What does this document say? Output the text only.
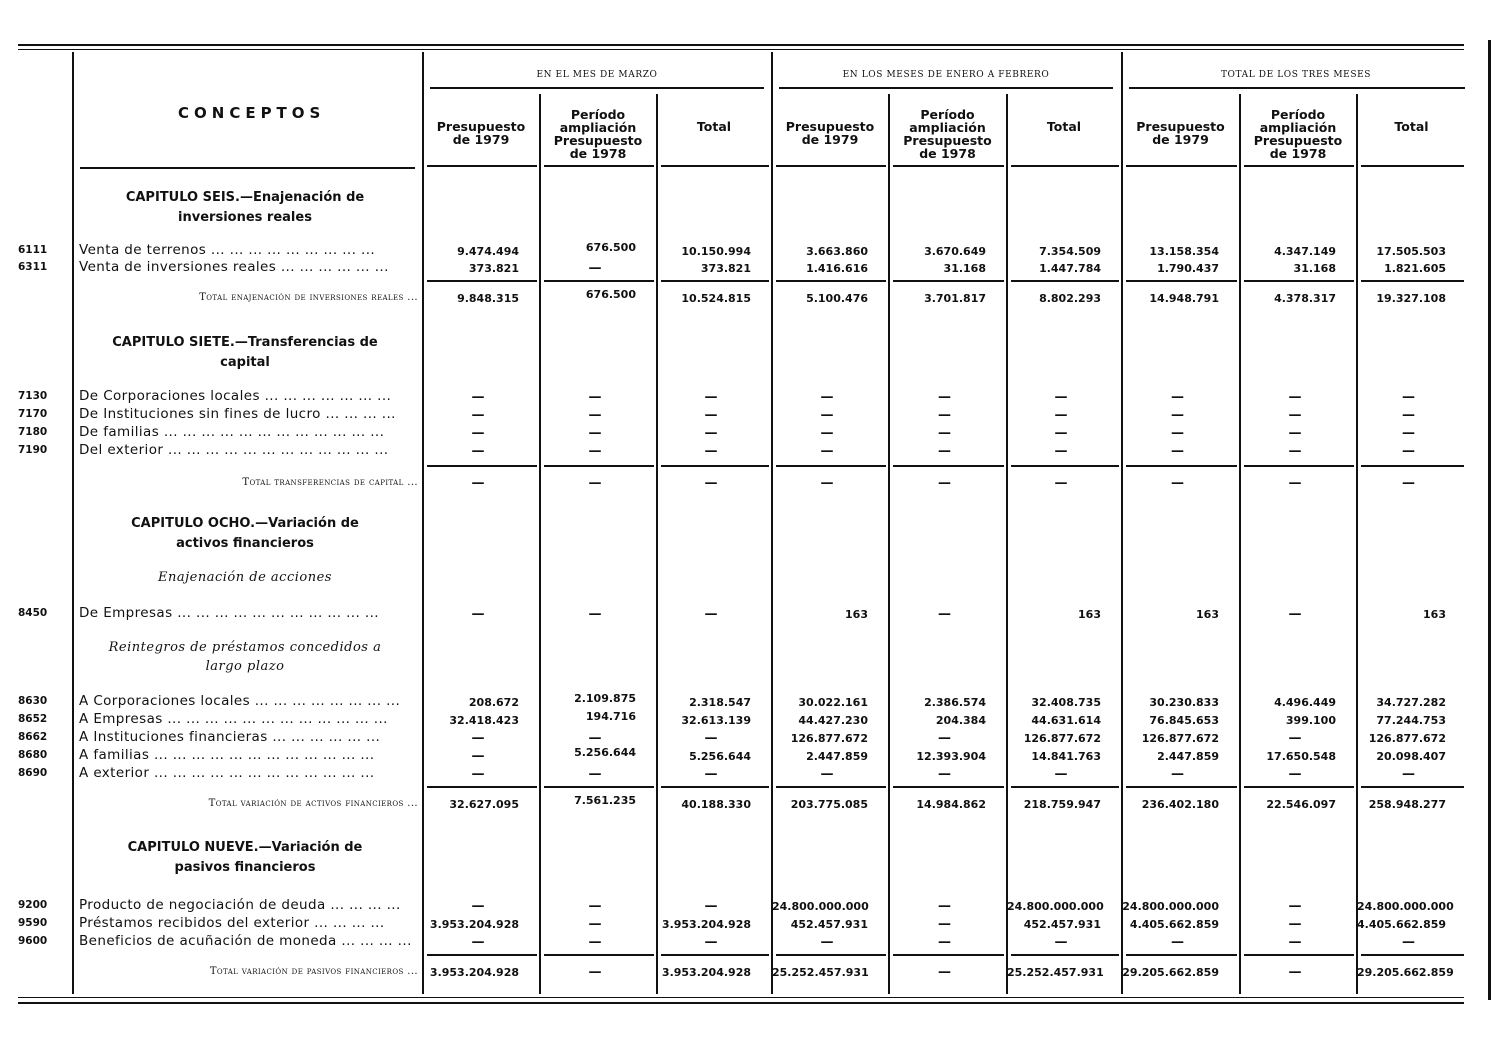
CONCEPTOS
EN EL MES DE MARZO	EN LOS MESES DE ENERO A FEBRERO	TOTAL DE LOS TRES MESES
Presupuesto
de 1979
Período
ampliación
Presupuesto
de 1978
Total	Presupuesto
de 1979
Período
ampliación
Presupuesto
de 1978
Total	Presupuesto
de 1979
Período
ampliación
Presupuesto
de 1978
Total
6111	Venta de terrenos ... ... ... ... ... ... ... ... ...	9.474.494	676.500	10.150.994	3.663.860	3.670.649	7.354.509	13.158.354	4.347.149	17.505.503
6311	Venta de inversiones reales ... ... ... ... ... ...	373.821	—	373.821	1.416.616	31.168	1.447.784	1.790.437	31.168	1.821.605
Total enajenación de inversiones reales ...	9.848.315	676.500	10.524.815	5.100.476	3.701.817	8.802.293	14.948.791	4.378.317	19.327.108
7130	De Corporaciones locales ... ... ... ... ... ... ...	—	—	—	—	—	—	—	—	—
7170	De Instituciones sin fines de lucro ... ... ... ...	—	—	—	—	—	—	—	—	—
7180	De familias ... ... ... ... ... ... ... ... ... ... ... ...	—	—	—	—	—	—	—	—	—
7190	Del exterior ... ... ... ... ... ... ... ... ... ... ... ...	—	—	—	—	—	—	—	—	—
Total transferencias de capital ...	—	—	—	—	—	—	—	—	—
8450	De Empresas ... ... ... ... ... ... ... ... ... ... ...	—	—	—	163	—	163	163	—	163
8630	A Corporaciones locales ... ... ... ... ... ... ... ...	208.672	2.109.875	2.318.547	30.022.161	2.386.574	32.408.735	30.230.833	4.496.449	34.727.282
8652	A Empresas ... ... ... ... ... ... ... ... ... ... ... ...	32.418.423	194.716	32.613.139	44.427.230	204.384	44.631.614	76.845.653	399.100	77.244.753
8662	A Instituciones financieras ... ... ... ... ... ...	—	—	—	126.877.672	—	126.877.672	126.877.672	—	126.877.672
8680	A familias ... ... ... ... ... ... ... ... ... ... ... ...	—	5.256.644	5.256.644	2.447.859	12.393.904	14.841.763	2.447.859	17.650.548	20.098.407
8690	A exterior ... ... ... ... ... ... ... ... ... ... ... ...	—	—	—	—	—	—	—	—	—
Total variación de activos financieros ...	32.627.095	7.561.235	40.188.330	203.775.085	14.984.862	218.759.947	236.402.180	22.546.097	258.948.277
9200	Producto de negociación de deuda ... ... ... ...	—	—	—	24.800.000.000	—	24.800.000.000 24.800.000.000	—	24.800.000.000
9590	Préstamos recibidos del exterior ... ... ... ...	3.953.204.928	—	3.953.204.928	452.457.931	—	452.457.931	4.405.662.859	—	4.405.662.859
9600	Beneficios de acuñación de moneda ... ... ... ...	—	—	—	—	—	—	—	—	—
Total variación de pasivos financieros ...	3.953.204.928	—	3.953.204.928 25.252.457.931	—	25.252.457.931 29.205.662.859	—	29.205.662.859
CAPITULO SEIS.—Enajenación de inversiones reales
CAPITULO SIETE.—Transferencias de capital
CAPITULO OCHO.—Variación de activos financieros
Enajenación de acciones
Reintegros de préstamos concedidos a largo plazo
CAPITULO NUEVE.—Variación de pasivos financieros
